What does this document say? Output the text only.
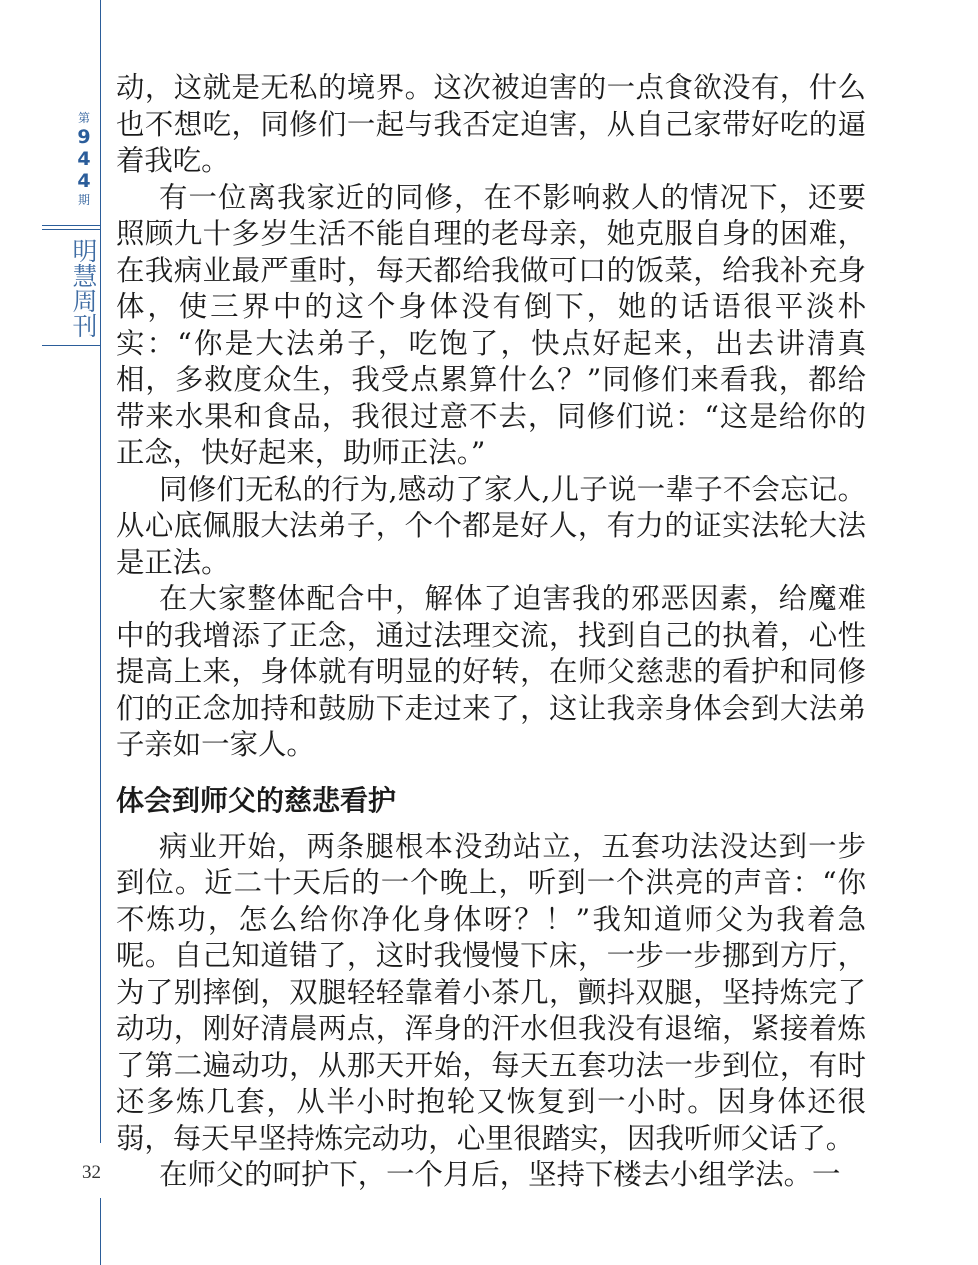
第
9
4
4
期
明慧周刊
32

动，这就是无私的境界。这次被迫害的一点食欲没有，什么也不想吃，同修们一起与我否定迫害，从自己家带好吃的逼着我吃。

有一位离我家近的同修，在不影响救人的情况下，还要照顾九十多岁生活不能自理的老母亲，她克服自身的困难，在我病业最严重时，每天都给我做可口的饭菜，给我补充身体，使三界中的这个身体没有倒下，她的话语很平淡朴实：“你是大法弟子，吃饱了，快点好起来，出去讲清真相，多救度众生，我受点累算什么？”同修们来看我，都给带来水果和食品，我很过意不去，同修们说：“这是给你的正念，快好起来，助师正法。”

同修们无私的行为,感动了家人,儿子说一辈子不会忘记。从心底佩服大法弟子，个个都是好人，有力的证实法轮大法是正法。

在大家整体配合中，解体了迫害我的邪恶因素，给魔难中的我增添了正念，通过法理交流，找到自己的执着，心性提高上来，身体就有明显的好转，在师父慈悲的看护和同修们的正念加持和鼓励下走过来了，这让我亲身体会到大法弟子亲如一家人。

体会到师父的慈悲看护

病业开始，两条腿根本没劲站立，五套功法没达到一步到位。近二十天后的一个晚上，听到一个洪亮的声音：“你不炼功，怎么给你净化身体呀？！”我知道师父为我着急呢。自己知道错了，这时我慢慢下床，一步一步挪到方厅，为了别摔倒，双腿轻轻靠着小茶几，颤抖双腿，坚持炼完了动功，刚好清晨两点，浑身的汗水但我没有退缩，紧接着炼了第二遍动功，从那天开始，每天五套功法一步到位，有时还多炼几套，从半小时抱轮又恢复到一小时。因身体还很弱，每天早坚持炼完动功，心里很踏实，因我听师父话了。

在师父的呵护下，一个月后，坚持下楼去小组学法。一
